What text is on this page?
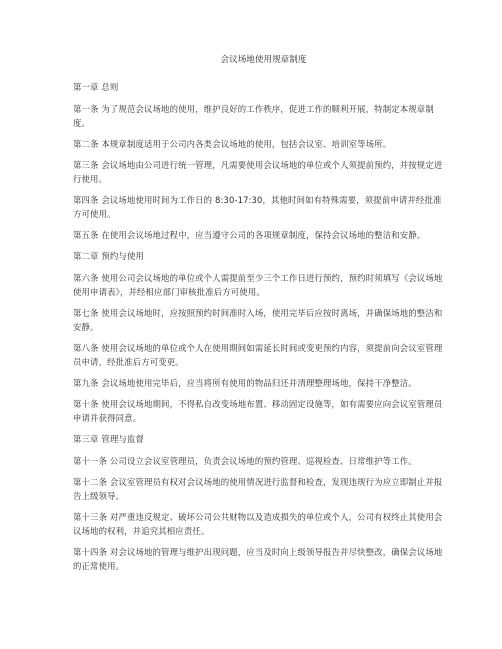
会议场地使用规章制度

第一章 总则

第一条 为了规范会议场地的使用，维护良好的工作秩序，促进工作的顺利开展，特制定本规章制度。

第二条 本规章制度适用于公司内各类会议场地的使用，包括会议室、培训室等场所。

第三条 会议场地由公司进行统一管理，凡需要使用会议场地的单位或个人须提前预约，并按规定进行使用。

第四条 会议场地使用时间为工作日的 8:30-17:30，其他时间如有特殊需要，须提前申请并经批准方可使用。

第五条 在使用会议场地过程中，应当遵守公司的各项规章制度，保持会议场地的整洁和安静。

第二章 预约与使用

第六条 使用公司会议场地的单位或个人需提前至少三个工作日进行预约，预约时须填写《会议场地使用申请表》，并经相应部门审核批准后方可使用。

第七条 使用会议场地时，应按照预约时间准时入场，使用完毕后应按时离场，并确保场地的整洁和安静。

第八条 使用会议场地的单位或个人在使用期间如需延长时间或变更预约内容，须提前向会议室管理员申请，经批准后方可变更。

第九条 会议场地使用完毕后，应当将所有使用的物品归还并清理整理场地，保持干净整洁。

第十条 使用会议场地期间，不得私自改变场地布置、移动固定设施等，如有需要应向会议室管理员申请并获得同意。

第三章 管理与监督

第十一条 公司设立会议室管理员，负责会议场地的预约管理、巡视检查、日常维护等工作。

第十二条 会议室管理员有权对会议场地的使用情况进行监督和检查，发现违规行为应立即制止并报告上级领导。

第十三条 对严重违反规定、破坏公司公共财物以及造成损失的单位或个人，公司有权终止其使用会议场地的权利，并追究其相应责任。

第十四条 对会议场地的管理与维护出现问题，应当及时向上级领导报告并尽快整改，确保会议场地的正常使用。
